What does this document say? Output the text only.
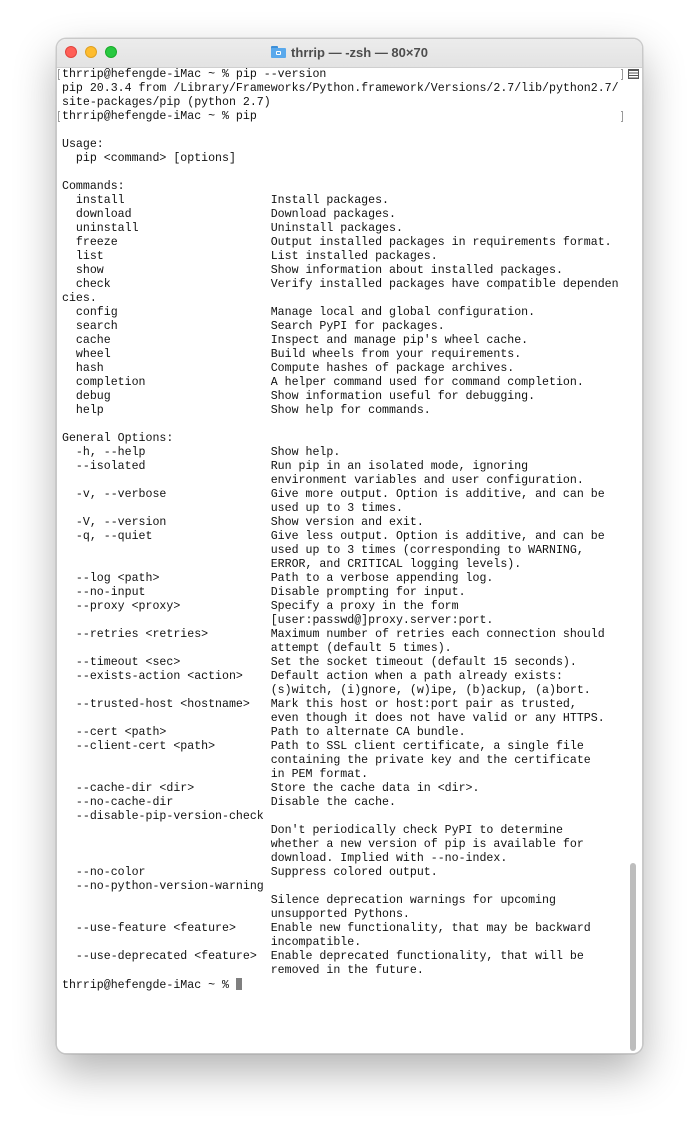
thrrip — -zsh — 80×70
thrrip@hefengde-iMac ~ % pip --version
pip 20.3.4 from /Library/Frameworks/Python.framework/Versions/2.7/lib/python2.7/
site-packages/pip (python 2.7)
thrrip@hefengde-iMac ~ % pip
Usage:
pip <command> [options]
Commands:
install                     Install packages.
download                    Download packages.
uninstall                   Uninstall packages.
freeze                      Output installed packages in requirements format.
list                        List installed packages.
show                        Show information about installed packages.
check                       Verify installed packages have compatible dependen
cies.
config                      Manage local and global configuration.
search                      Search PyPI for packages.
cache                       Inspect and manage pip's wheel cache.
wheel                       Build wheels from your requirements.
hash                        Compute hashes of package archives.
completion                  A helper command used for command completion.
debug                       Show information useful for debugging.
help                        Show help for commands.
General Options:
-h, --help                  Show help.
--isolated                  Run pip in an isolated mode, ignoring
environment variables and user configuration.
-v, --verbose               Give more output. Option is additive, and can be
used up to 3 times.
-V, --version               Show version and exit.
-q, --quiet                 Give less output. Option is additive, and can be
used up to 3 times (corresponding to WARNING,
ERROR, and CRITICAL logging levels).
--log <path>                Path to a verbose appending log.
--no-input                  Disable prompting for input.
--proxy <proxy>             Specify a proxy in the form
[user:passwd@]proxy.server:port.
--retries <retries>         Maximum number of retries each connection should
attempt (default 5 times).
--timeout <sec>             Set the socket timeout (default 15 seconds).
--exists-action <action>    Default action when a path already exists:
(s)witch, (i)gnore, (w)ipe, (b)ackup, (a)bort.
--trusted-host <hostname>   Mark this host or host:port pair as trusted,
even though it does not have valid or any HTTPS.
--cert <path>               Path to alternate CA bundle.
--client-cert <path>        Path to SSL client certificate, a single file
containing the private key and the certificate
in PEM format.
--cache-dir <dir>           Store the cache data in <dir>.
--no-cache-dir              Disable the cache.
--disable-pip-version-check
Don't periodically check PyPI to determine
whether a new version of pip is available for
download. Implied with --no-index.
--no-color                  Suppress colored output.
--no-python-version-warning
Silence deprecation warnings for upcoming
unsupported Pythons.
--use-feature <feature>     Enable new functionality, that may be backward
incompatible.
--use-deprecated <feature>  Enable deprecated functionality, that will be
removed in the future.
thrrip@hefengde-iMac ~ %
